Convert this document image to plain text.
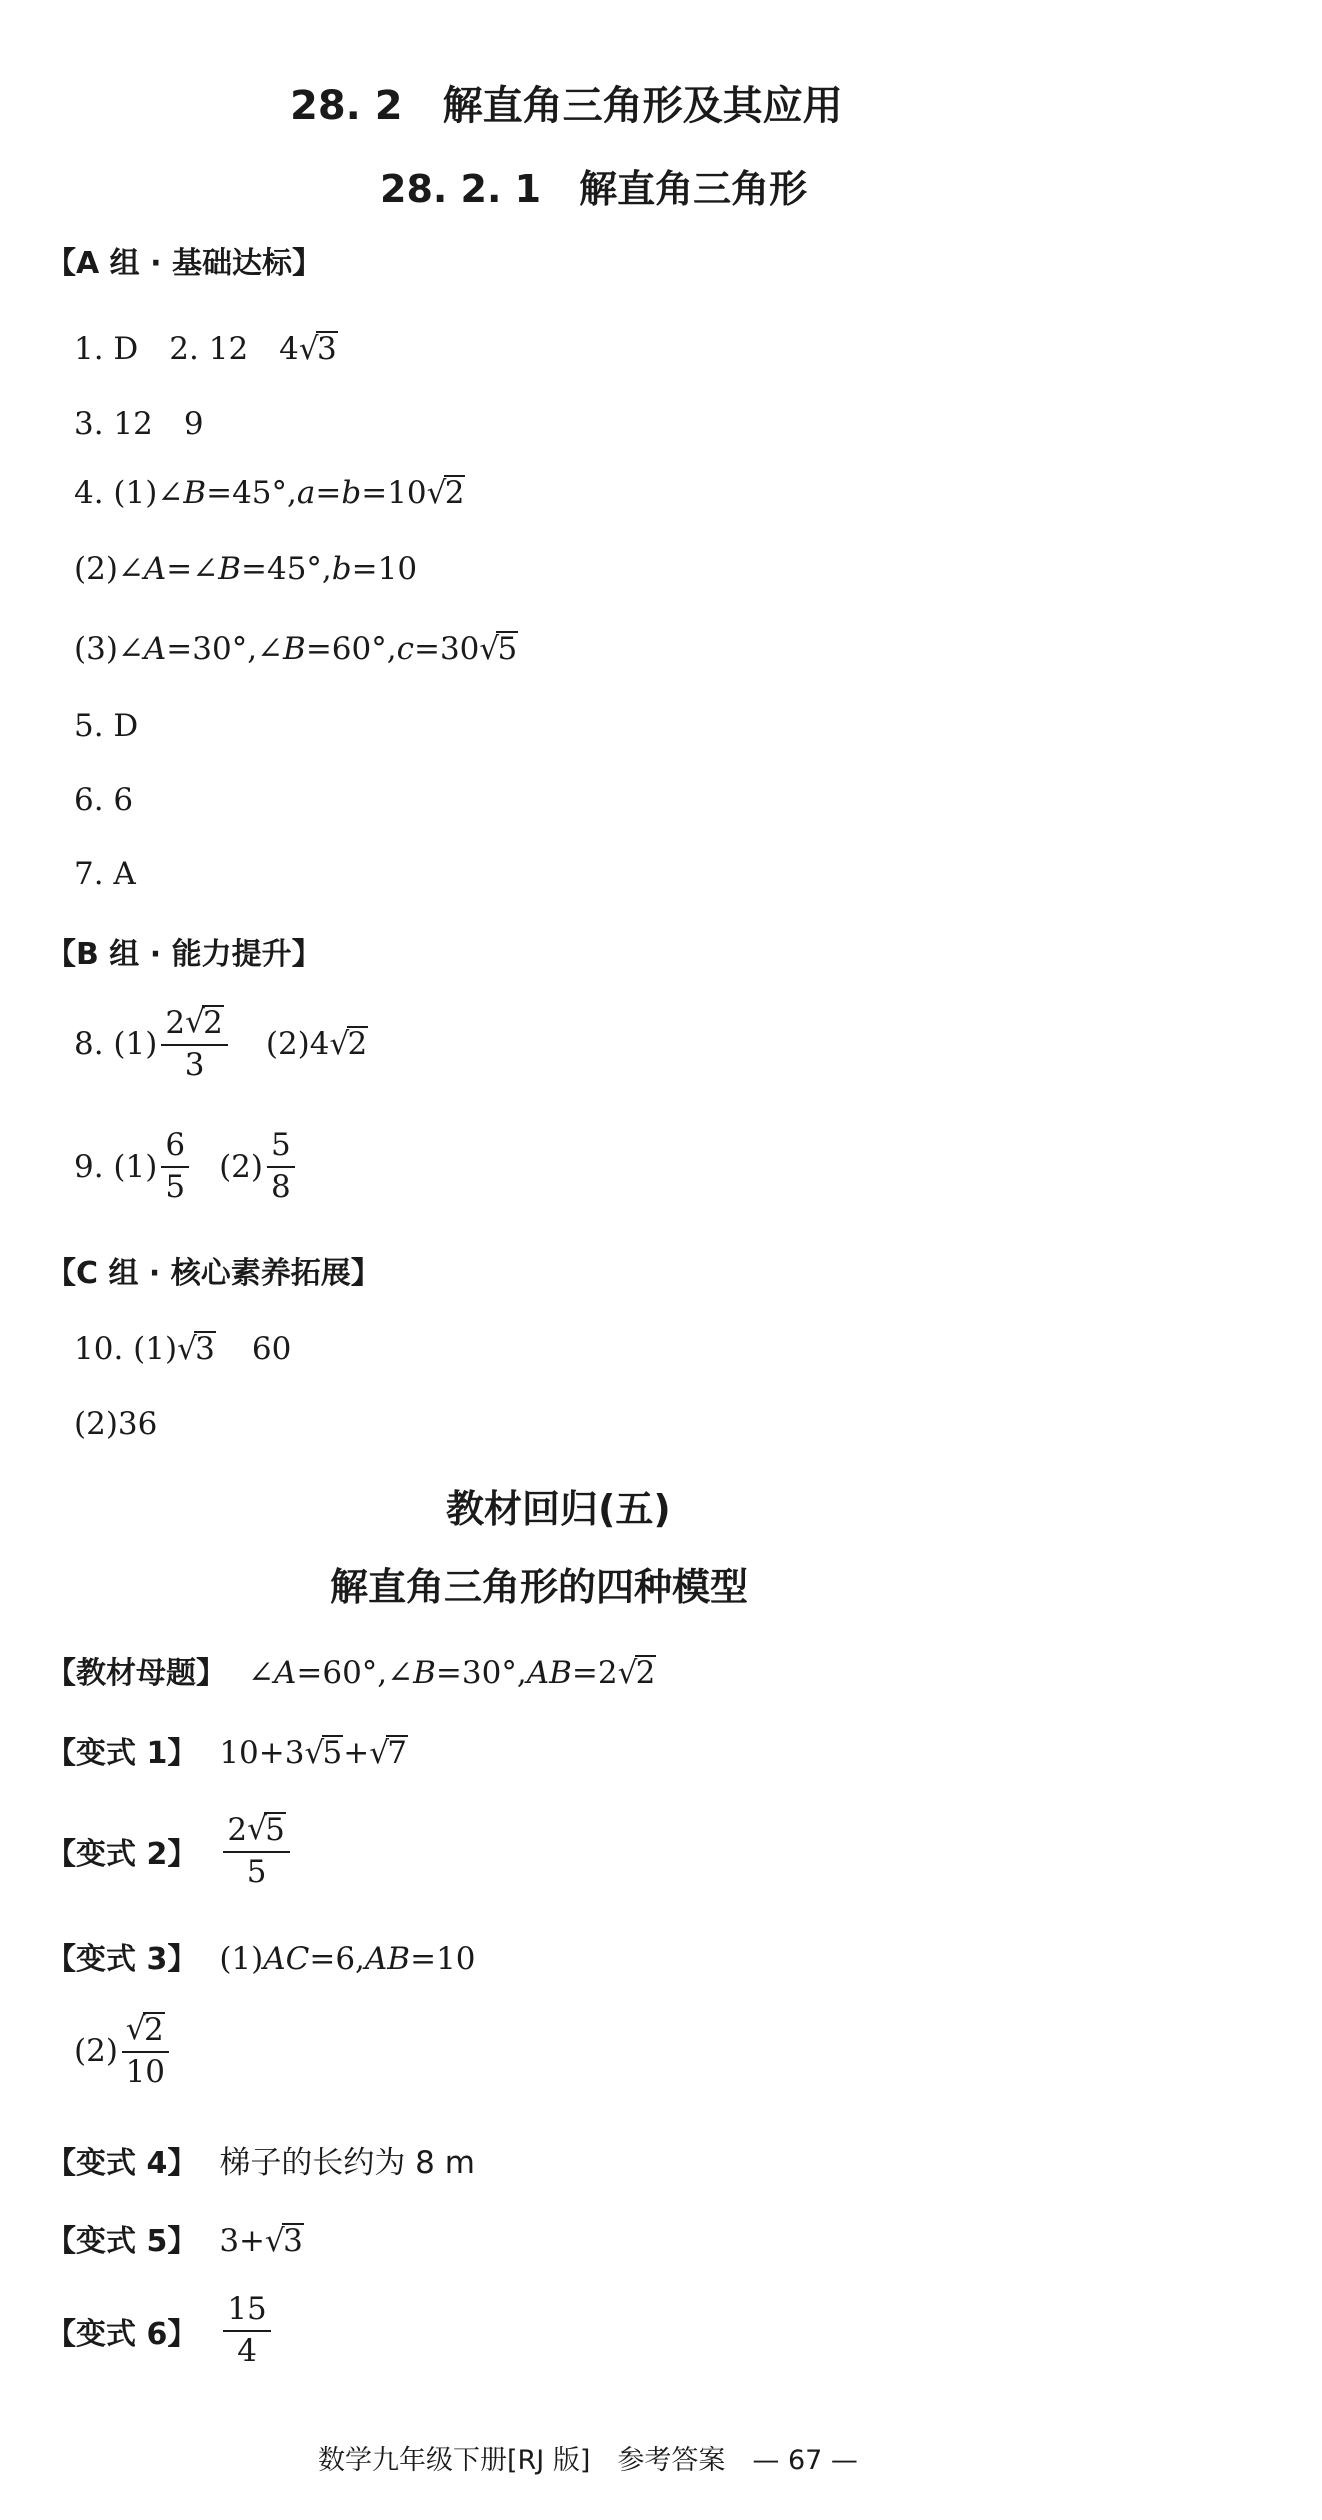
28. 2　解直角三角形及其应用
28. 2. 1　解直角三角形
【A 组 · 基础达标】
1. D　2. 12　4 √ 3
3. 12　9
4. (1)∠B=45°,a=b=10 √ 2
(2)∠A=∠B=45°,b=10
(3)∠A=30°,∠B=60°,c=30 √ 5
5. D
6. 6
7. A
【B 组 · 能力提升】
8. $(1) \frac{2 √ 2}{3} (2)4$ √ 2
9. $(1) \frac{6}{5} (2) \frac{5}{8}$
【C 组 · 核心素养拓展】
10. (1) √ 3 60
(2)36
教材回归(五)
解直角三角形的四种模型
【教材母题】 ∠A=60°,∠B=30°,AB=2 √ 2
【变式 1】 10+3 √ 5+ √ 7
【变式 2】 $\frac{2 √ 5}{5}$
【变式 3】 (1)AC=6,AB=10
(2) √ $\frac{2}{10}$
【变式 4】 梯子的长约为 8 m
【变式 5】 3+ √ 3
【变式 6】 $\frac{15}{4}$
数学九年级下册[RJ 版]　参考答案　— 67 —
